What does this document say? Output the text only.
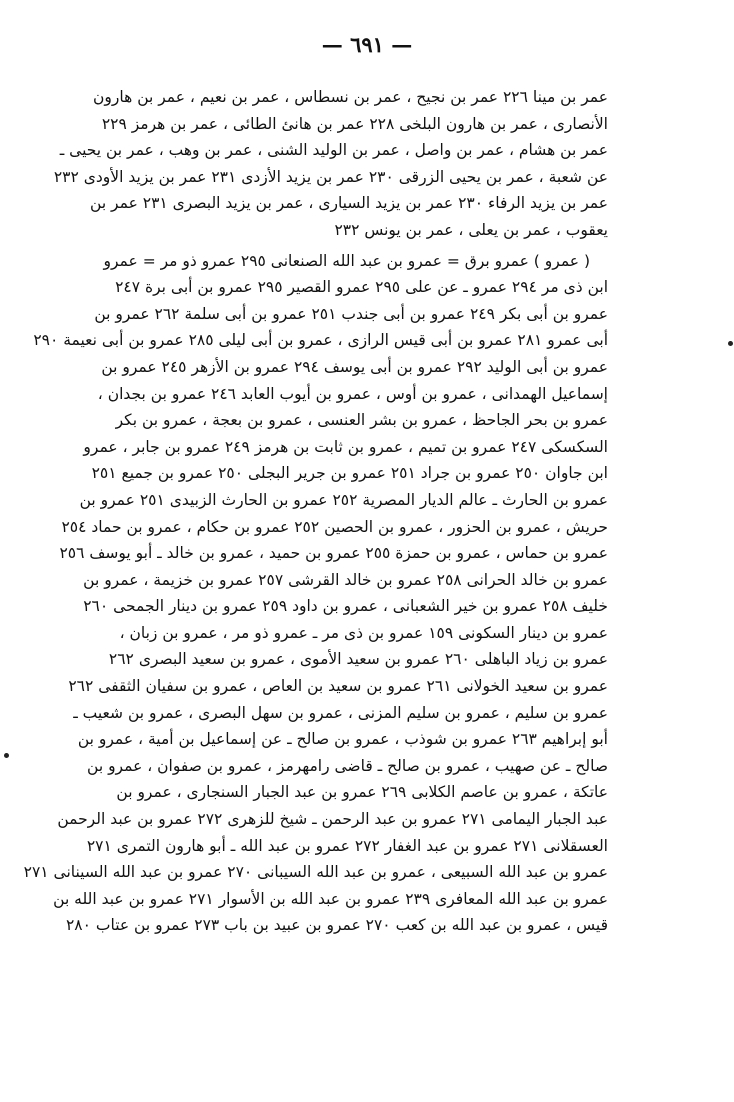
— ٦٩١ —
عمر بن مينا ٢٢٦ عمر بن نجيح ، عمر بن نسطاس ، عمر بن نعيم ، عمر بن هارون
الأنصارى ، عمر بن هارون البلخى ٢٢٨ عمر بن هانئ الطائى ، عمر بن هرمز ٢٢٩
عمر بن هشام ، عمر بن واصل ، عمر بن الوليد الشنى ، عمر بن وهب ، عمر بن يحيى ـ
عن شعبة ، عمر بن يحيى الزرقى ٢٣٠ عمر بن يزيد الأزدى ٢٣١ عمر بن يزيد الأودى ٢٣٢
عمر بن يزيد الرفاء ٢٣٠ عمر بن يزيد السيارى ، عمر بن يزيد البصرى ٢٣١ عمر بن
يعقوب ، عمر بن يعلى ، عمر بن يونس ٢٣٢
( عمرو ) عمرو برق = عمرو بن عبد الله الصنعانى ٢٩٥ عمرو ذو مر = عمرو
ابن ذى مر ٢٩٤ عمرو ـ عن على ٢٩٥ عمرو القصير ٢٩٥ عمرو بن أبى برة ٢٤٧
عمرو بن أبى بكر ٢٤٩ عمرو بن أبى جندب ٢٥١ عمرو بن أبى سلمة ٢٦٢ عمرو بن
أبى عمرو ٢٨١ عمرو بن أبى قيس الرازى ، عمرو بن أبى ليلى ٢٨٥ عمرو بن أبى نعيمة ٢٩٠
عمرو بن أبى الوليد ٢٩٢ عمرو بن أبى يوسف ٢٩٤ عمرو بن الأزهر ٢٤٥ عمرو بن
إسماعيل الهمدانى ، عمرو بن أوس ، عمرو بن أيوب العابد ٢٤٦ عمرو بن بجدان ،
عمرو بن بحر الجاحظ ، عمرو بن بشر العنسى ، عمرو بن بعجة ، عمرو بن بكر
السكسكى ٢٤٧ عمرو بن تميم ، عمرو بن ثابت بن هرمز ٢٤٩ عمرو بن جابر ، عمرو
ابن جاوان ٢٥٠ عمرو بن جراد ٢٥١ عمرو بن جرير البجلى ٢٥٠ عمرو بن جميع ٢٥١
عمرو بن الحارث ـ عالم الديار المصرية ٢٥٢ عمرو بن الحارث الزبيدى ٢٥١ عمرو بن
حريش ، عمرو بن الحزور ، عمرو بن الحصين ٢٥٢ عمرو بن حكام ، عمرو بن حماد ٢٥٤
عمرو بن حماس ، عمرو بن حمزة ٢٥٥ عمرو بن حميد ، عمرو بن خالد ـ أبو يوسف ٢٥٦
عمرو بن خالد الحرانى ٢٥٨ عمرو بن خالد القرشى ٢٥٧ عمرو بن خزيمة ، عمرو بن
خليف ٢٥٨ عمرو بن خير الشعبانى ، عمرو بن داود ٢٥٩ عمرو بن دينار الجمحى ٢٦٠
عمرو بن دينار السكونى ١٥٩ عمرو بن ذى مر ـ عمرو ذو مر ، عمرو بن زبان ،
عمرو بن زياد الباهلى ٢٦٠ عمرو بن سعيد الأموى ، عمرو بن سعيد البصرى ٢٦٢
عمرو بن سعيد الخولانى ٢٦١ عمرو بن سعيد بن العاص ، عمرو بن سفيان الثقفى ٢٦٢
عمرو بن سليم ، عمرو بن سليم المزنى ، عمرو بن سهل البصرى ، عمرو بن شعيب ـ
أبو إبراهيم ٢٦٣ عمرو بن شوذب ، عمرو بن صالح ـ عن إسماعيل بن أمية ، عمرو بن
صالح ـ عن صهيب ، عمرو بن صالح ـ قاضى رامهرمز ، عمرو بن صفوان ، عمرو بن
عاتكة ، عمرو بن عاصم الكلابى ٢٦٩ عمرو بن عبد الجبار السنجارى ، عمرو بن
عبد الجبار اليمامى ٢٧١ عمرو بن عبد الرحمن ـ شيخ للزهرى ٢٧٢ عمرو بن عبد الرحمن
العسقلانى ٢٧١ عمرو بن عبد الغفار ٢٧٢ عمرو بن عبد الله ـ أبو هارون التمرى ٢٧١
عمرو بن عبد الله السبيعى ، عمرو بن عبد الله السيبانى ٢٧٠ عمرو بن عبد الله السينانى ٢٧١
عمرو بن عبد الله المعافرى ٢٣٩ عمرو بن عبد الله بن الأسوار ٢٧١ عمرو بن عبد الله بن
قيس ، عمرو بن عبد الله بن كعب ٢٧٠ عمرو بن عبيد بن باب ٢٧٣ عمرو بن عتاب ٢٨٠
